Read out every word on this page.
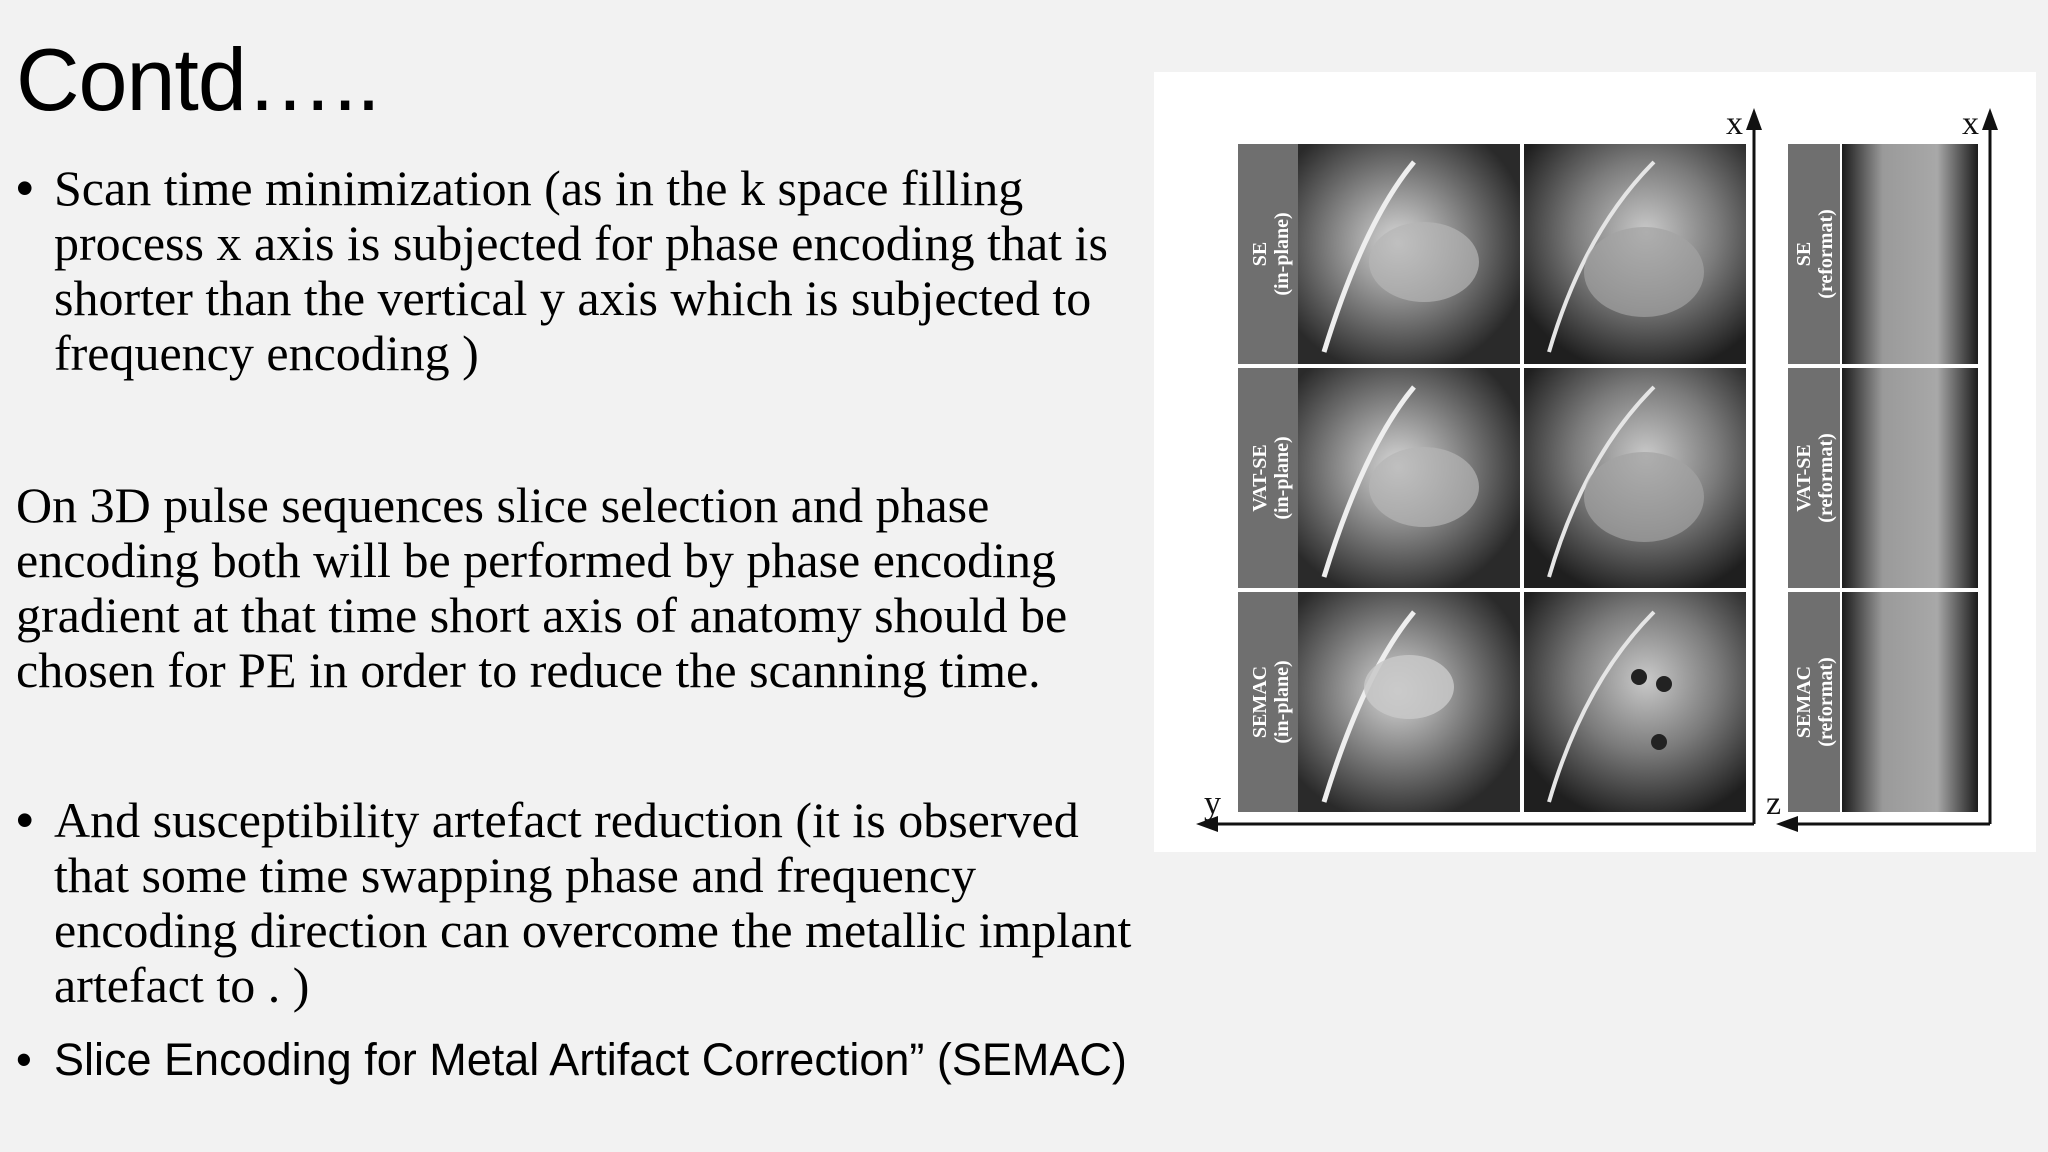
Contd…..
• Scan time minimization (as in the k space filling process x axis is subjected for phase encoding that is shorter than the vertical y axis which is subjected to frequency encoding )
On 3D pulse sequences slice selection and phase encoding both will be performed by phase encoding gradient at that time short axis of anatomy should be chosen for PE in order to reduce the scanning time.
• And susceptibility artefact reduction (it is observed that some time swapping phase and frequency encoding direction can overcome the metallic implant artefact to . )
• Slice Encoding for Metal Artifact Correction” (SEMAC)
SE (in-plane)	SE (reformat)
VAT-SE (in-plane)	VAT-SE (reformat)
SEMAC (in-plane)	SEMAC (reformat)
x	x
y	z
